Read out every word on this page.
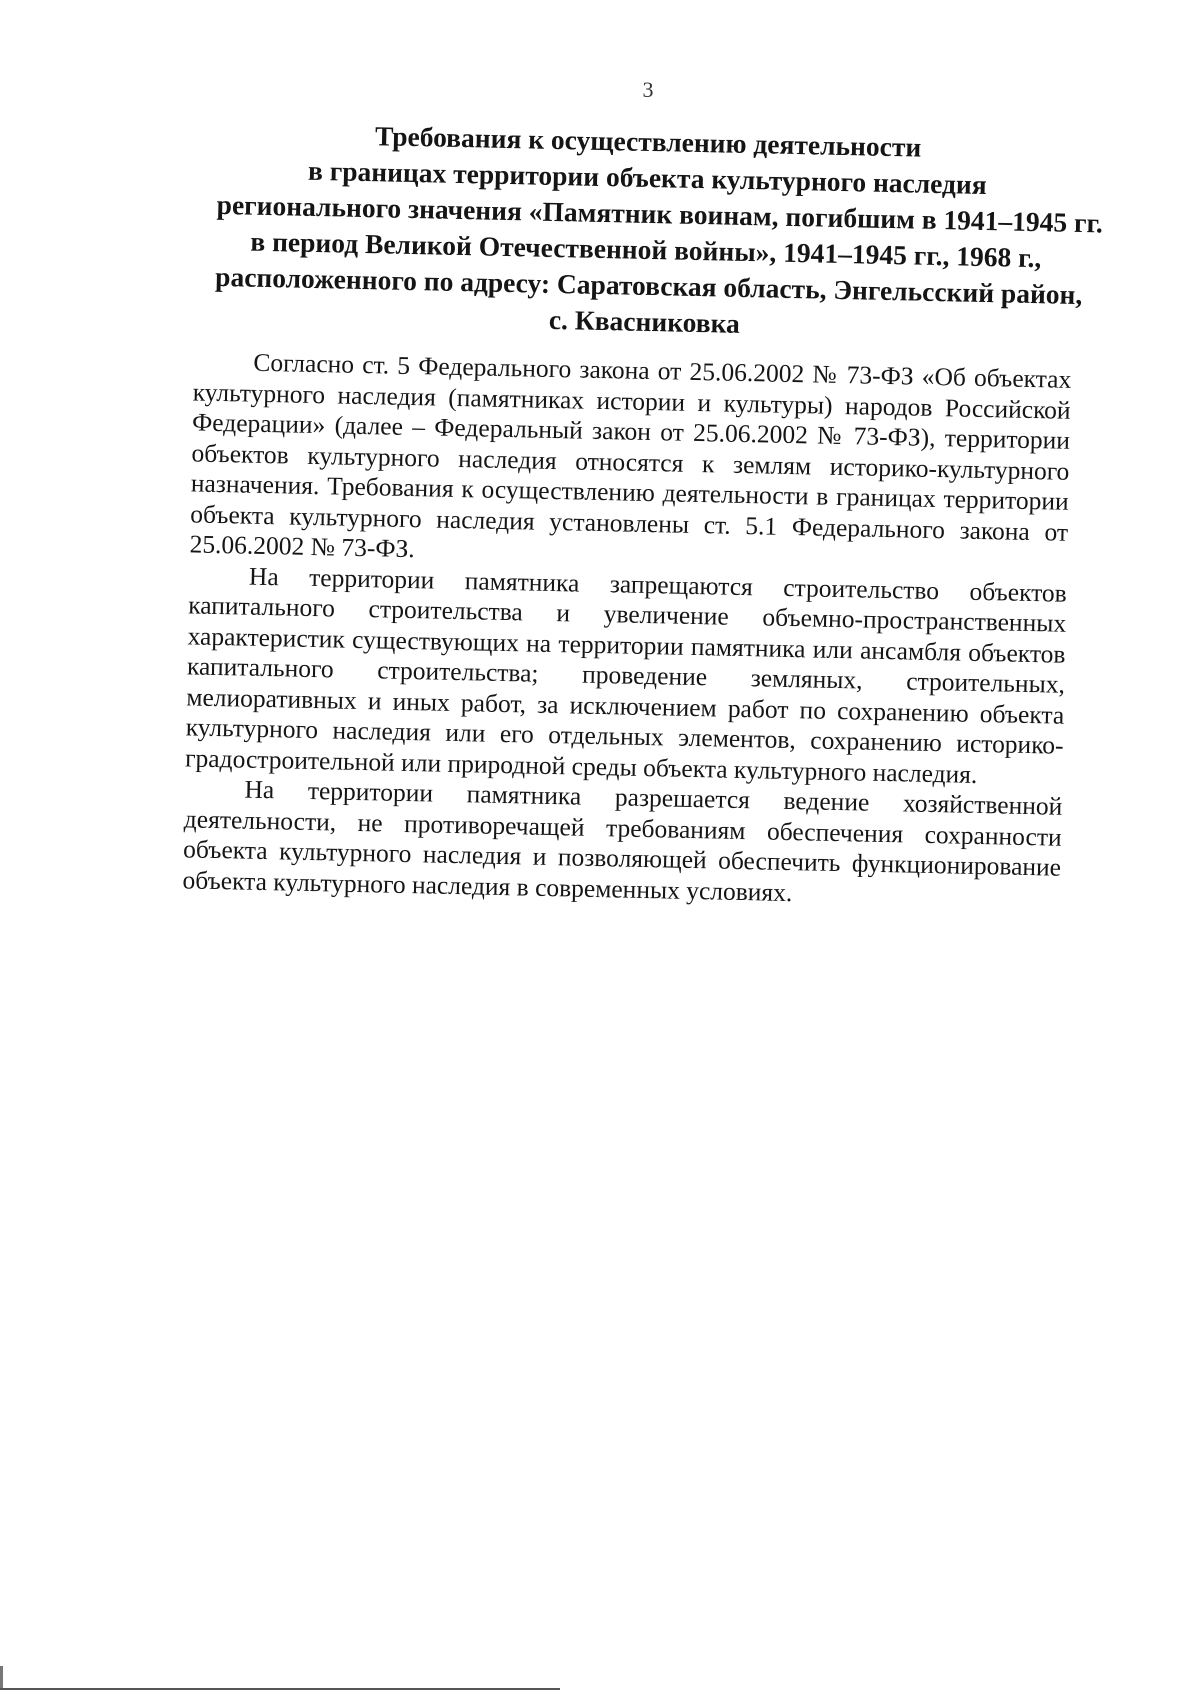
3
Требования к осуществлению деятельности
в границах территории объекта культурного наследия
регионального значения «Памятник воинам, погибшим в 1941–1945 гг.
в период Великой Отечественной войны», 1941–1945 гг., 1968 г.,
расположенного по адресу: Саратовская область, Энгельсский район,
с. Квасниковка

Согласно ст. 5 Федерального закона от 25.06.2002 № 73-ФЗ «Об объектах культурного наследия (памятниках истории и культуры) народов Российской Федерации» (далее – Федеральный закон от 25.06.2002 № 73-ФЗ), территории объектов культурного наследия относятся к землям историко-культурного назначения. Требования к осуществлению деятельности в границах территории объекта культурного наследия установлены ст. 5.1 Федерального закона от 25.06.2002 № 73-ФЗ.

На территории памятника запрещаются строительство объектов капитального строительства и увеличение объемно-пространственных характеристик существующих на территории памятника или ансамбля объектов капитального строительства; проведение земляных, строительных, мелиоративных и иных работ, за исключением работ по сохранению объекта культурного наследия или его отдельных элементов, сохранению историко-градостроительной или природной среды объекта культурного наследия.

На территории памятника разрешается ведение хозяйственной деятельности, не противоречащей требованиям обеспечения сохранности объекта культурного наследия и позволяющей обеспечить функционирование объекта культурного наследия в современных условиях.
